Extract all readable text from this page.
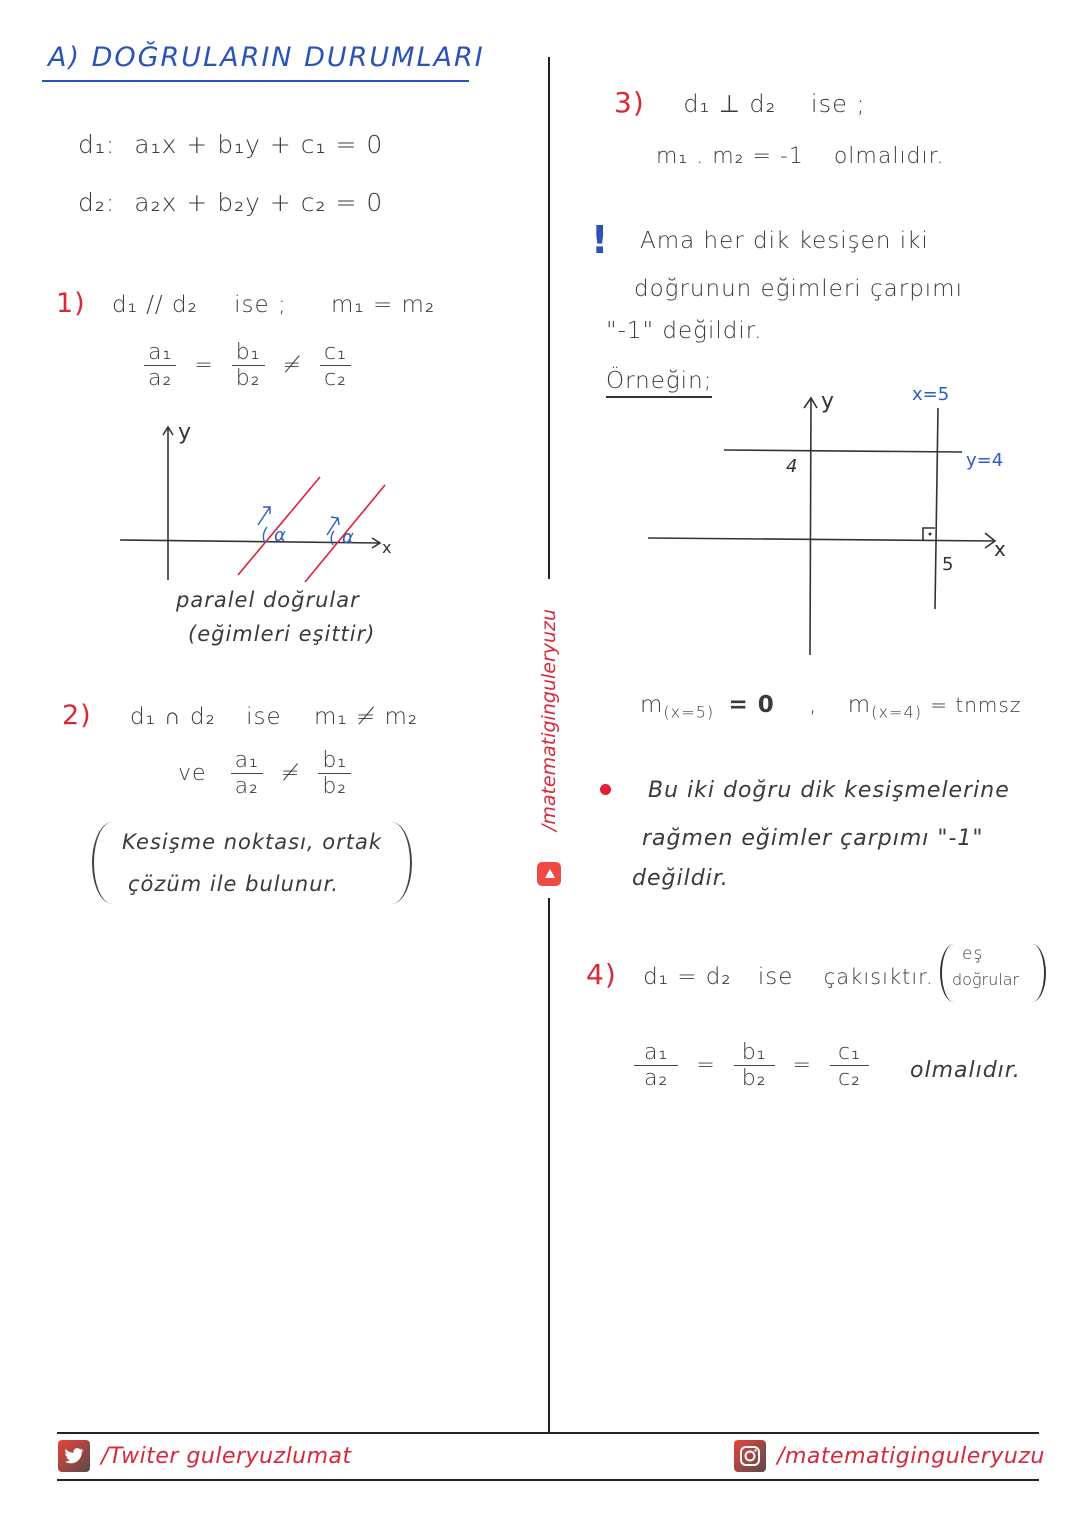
A) DOĞRULARIN DURUMLARI
d₁: a₁x + b₁y + c₁ = 0
d₂: a₂x + b₂y + c₂ = 0
1) d₁ // d₂ ise ; m₁ = m₂
$\frac{\text{a₁}}{\text{a₂}} = \frac{\text{b₁}}{\text{b₂}} \ne \frac{\text{c₁}}{\text{c₂}}$
α	α
y
x
paralel doğrular
(eğimleri eşittir)
2) d₁ ∩ d₂ ise m₁ ≠ m₂
ve $\frac{\text{a₁}}{\text{a₂}} \ne \frac{\text{b₁}}{\text{b₂}}$
Kesişme noktası, ortak
çözüm ile bulunur.
/matematiginguleryuzu
3) d₁ ⊥ d₂ ise ;
m₁ . m₂ = -1 olmalıdır.
! Ama her dik kesişen iki
doğrunun eğimleri çarpımı
"-1" değildir.
Örneğin;
y
x
x=5
y=4
4
5
$m_{(x=5)} = 0$ , $m_{(x=4)}$ = tnmsz
Bu iki doğru dik kesişmelerine
rağmen eğimler çarpımı "-1"
değildir.
4) d₁ = d₂ ise çakısıktır.
eş
doğrular
$\frac{\text{a₁}}{\text{a₂}} = \frac{\text{b₁}}{\text{b₂}} = \frac{\text{c₁}}{\text{c₂}}$ olmalıdır.
/Twiter guleryuzlumat	/matematiginguleryuzu
